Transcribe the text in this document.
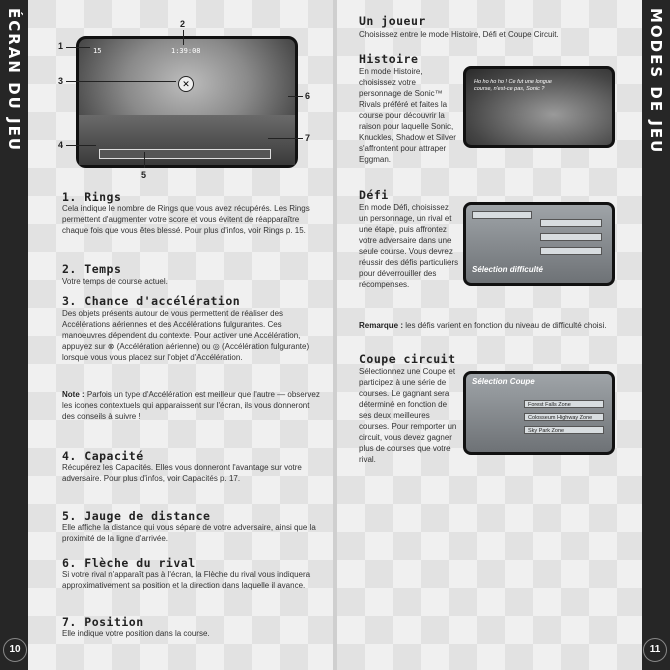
ÉCRAN DU JEU
10
15	1:39:08
✕
1
2
3
6
4
7
5
1. Rings
Cela indique le nombre de Rings que vous avez récupérés. Les Rings permettent d'augmenter votre score et vous évitent de réapparaître chaque fois que vous êtes blessé. Pour plus d'infos, voir Rings p. 15.
2. Temps
Votre temps de course actuel.
3. Chance d'accélération
Des objets présents autour de vous permettent de réaliser des Accélérations aériennes et des Accélérations fulgurantes. Ces manoeuvres dépendent du contexte. Pour activer une Accélération, appuyez sur ⊗ (Accélération aérienne) ou ◎ (Accélération fulgurante) lorsque vous vous placez sur l'objet d'Accélération.
Note : Parfois un type d'Accélération est meilleur que l'autre — observez les icones contextuels qui apparaissent sur l'écran, ils vous donneront des conseils à suivre !
4. Capacité
Récupérez les Capacités. Elles vous donneront l'avantage sur votre adversaire. Pour plus d'infos, voir Capacités p. 17.
5. Jauge de distance
Elle affiche la distance qui vous sépare de votre adversaire, ainsi que la proximité de la ligne d'arrivée.
6. Flèche du rival
Si votre rival n'apparaît pas à l'écran, la Flèche du rival vous indiquera approximativement sa position et la direction dans laquelle il avance.
7. Position
Elle indique votre position dans la course.
MODES DE JEU
11
Un joueur
Choisissez entre le mode Histoire, Défi et Coupe Circuit.
Histoire
En mode Histoire, choisissez votre personnage de Sonic™ Rivals préféré et faites la course pour découvrir la raison pour laquelle Sonic, Knuckles, Shadow et Silver s'affrontent pour attraper Eggman.
Ho ho ho ho ! Ce fut une longue course, n'est-ce pas, Sonic ?
Défi
En mode Défi, choisissez un personnage, un rival et une étape, puis affrontez votre adversaire dans une seule course. Vous devrez réussir des défis particuliers pour déverrouiller des récompenses.
Sélection difficulté
Remarque : les défis varient en fonction du niveau de difficulté choisi.
Coupe circuit
Sélectionnez une Coupe et participez à une série de courses. Le gagnant sera déterminé en fonction de ses deux meilleures courses. Pour remporter un circuit, vous devez gagner plus de courses que votre rival.
Sélection Coupe
Forest Falls Zone
Colosseum Highway Zone
Sky Park Zone
